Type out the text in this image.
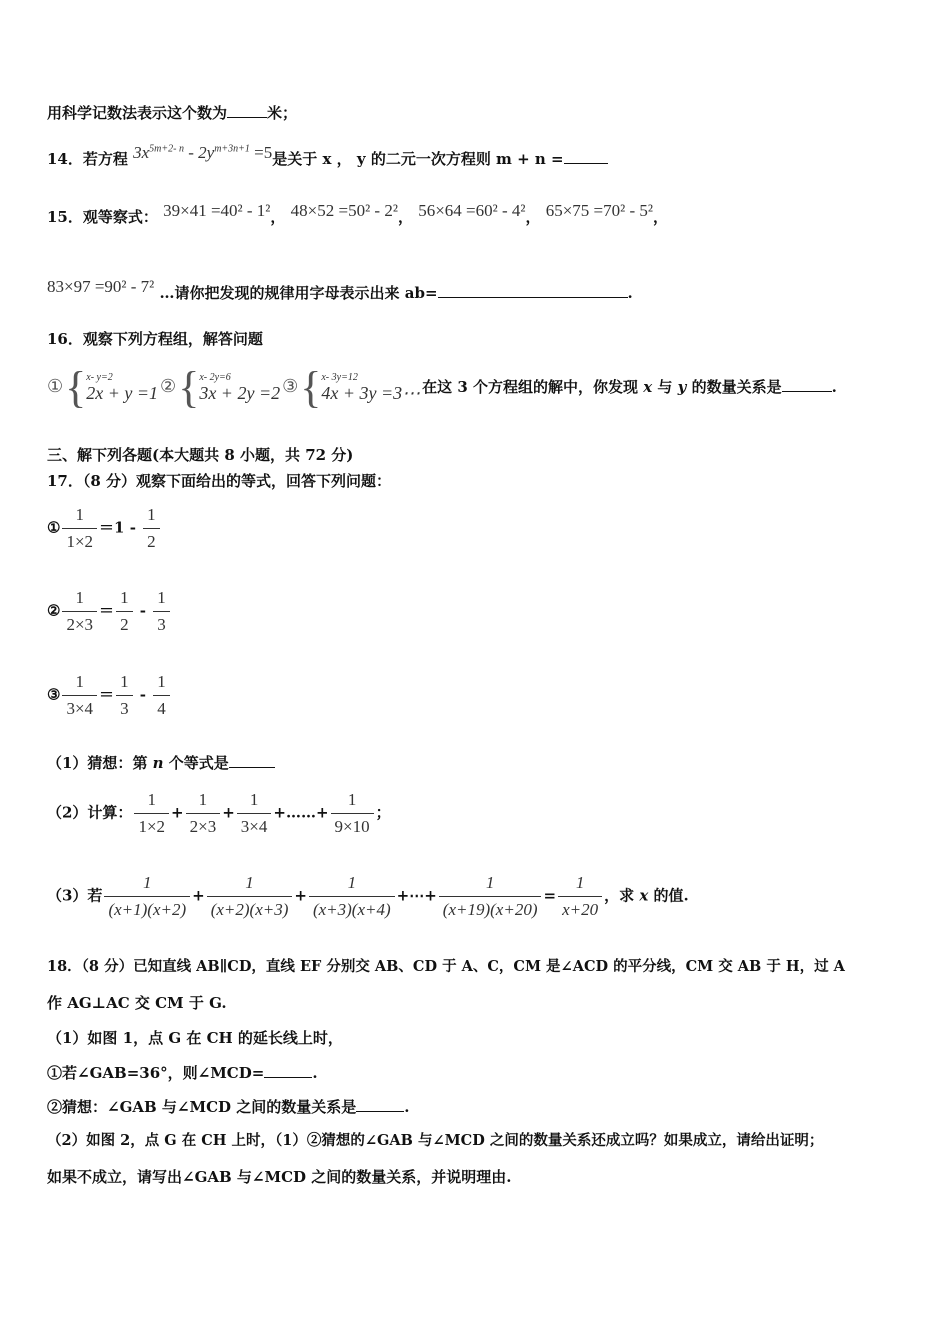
用科学记数法表示这个数为	米；
14．若方程 $3x^{5m+2- n} - 2y^{m+3n+1} =5$是关于 x ， y 的二元一次方程则 m + n =
15．观等察式： 39×41 =40² - 1²， 48×52 =50² - 2²， 56×64 =60² - 4²， 65×75 =70² - 5²，
83×97 =90² - 7² …请你把发现的规律用字母表示出来 ab=	.
16．观察下列方程组，解答问题
①{ x- y=2
2x + y =1 ②{ x- 2y=6
3x + 2y =2 ③{ x- 3y=12
4x + 3y =3⋯ 在这 3 个方程组的解中，你发现 x 与 y 的数量关系是	.
三、解下列各题(本大题共 8 小题，共 72 分)
17．（8 分）观察下面给出的等式，回答下列问题：
① $\frac{1}{1\times 2} =1 - \frac{1}{2}$
② $\frac{1}{2\times 3} = \frac{1}{2} - \frac{1}{3}$
③ $\frac{1}{3\times 4} = \frac{1}{3} - \frac{1}{4}$
（1）猜想：第 n 个等式是
（2）计算： $\frac{1}{1\times 2} + \frac{1}{2\times 3} + \frac{1}{3\times 4}$ +……+ $\frac{1}{9\times 10}$ ；
（3）若 $\frac{1}{(x+1)(x+2)} + \frac{1}{(x+2)(x+3)} + \frac{1}{(x+3)(x+4)}$ +⋯+ $\frac{1}{(x+19)(x+20)} = \frac{1}{x+20}$ ，求 x 的值.
18．（8 分）已知直线 AB∥CD，直线 EF 分别交 AB、CD 于 A、C，CM 是∠ACD 的平分线，CM 交 AB 于 H，过 A
作 AG⊥AC 交 CM 于 G.
（1）如图 1，点 G 在 CH 的延长线上时，
①若∠GAB=36°，则∠MCD=	.
②猜想：∠GAB 与∠MCD 之间的数量关系是	.
（2）如图 2，点 G 在 CH 上时，（1）②猜想的∠GAB 与∠MCD 之间的数量关系还成立吗？如果成立，请给出证明；
如果不成立，请写出∠GAB 与∠MCD 之间的数量关系，并说明理由.
